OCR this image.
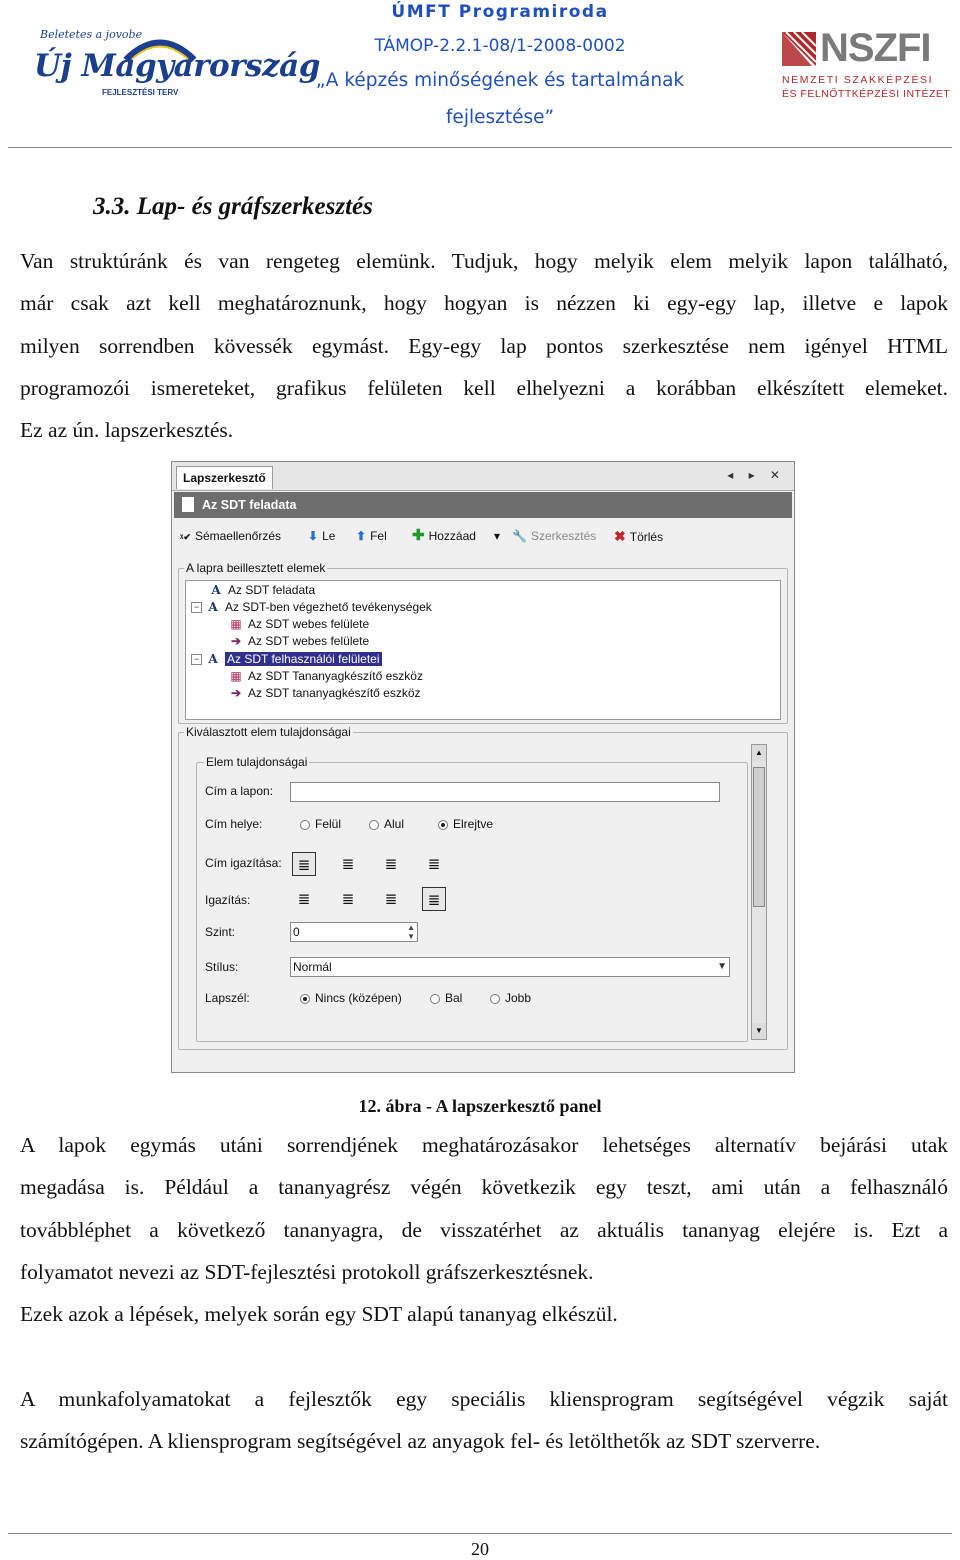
Beletetes a jovobe
Új Magyarország
FEJLESZTÉSI TERV
ÚMFT Programiroda
TÁMOP-2.2.1-08/1-2008-0002
„A képzés minőségének és tartalmának
fejlesztése”
NSZFI
NEMZETI SZAKKÉPZÉSI
ÉS FELNŐTTKÉPZÉSI INTÉZET
3.3. Lap- és gráfszerkesztés
Van struktúránk és van rengeteg elemünk. Tudjuk, hogy melyik elem melyik lapon található,
már csak azt kell meghatároznunk, hogy hogyan is nézzen ki egy-egy lap, illetve e lapok
milyen sorrendben kövessék egymást. Egy-egy lap pontos szerkesztése nem igényel HTML
programozói ismereteket, grafikus felületen kell elhelyezni a korábban elkészített elemeket.
Ez az ún. lapszerkesztés.
Lapszerkesztő	◂ ▸ ✕
Az SDT feladata
ᵡ✔ Sémaellenőrzés ⬇ Le ⬆ Fel ✚ Hozzáad ▾ 🔧 Szerkesztés ✖ Törlés
A lapra beillesztett elemek
A Az SDT feladata
− A Az SDT-ben végezhető tevékenységek
▦ Az SDT webes felülete
➔ Az SDT webes felülete
− A Az SDT felhasználói felületei
▦ Az SDT Tananyagkészítő eszköz
➔ Az SDT tananyagkészítő eszköz
Kiválasztott elem tulajdonságai
Elem tulajdonságai
Cím a lapon:
Cím helye:	Felül	Alul	Elrejtve
Cím igazítása:	≣	≣	≣	≣
Igazítás:	≣	≣	≣	≣
Szint:	0	▲
▼
Stílus:	Normál	▼
Lapszél:	Nincs (középen)	Bal	Jobb
▲
▼
12. ábra - A lapszerkesztő panel
A lapok egymás utáni sorrendjének meghatározásakor lehetséges alternatív bejárási utak
megadása is. Például a tananyagrész végén következik egy teszt, ami után a felhasználó
továbbléphet a következő tananyagra, de visszatérhet az aktuális tananyag elejére is. Ezt a
folyamatot nevezi az SDT-fejlesztési protokoll gráfszerkesztésnek.
Ezek azok a lépések, melyek során egy SDT alapú tananyag elkészül.
A munkafolyamatokat a fejlesztők egy speciális kliensprogram segítségével végzik saját
számítógépen. A kliensprogram segítségével az anyagok fel- és letölthetők az SDT szerverre.
20
